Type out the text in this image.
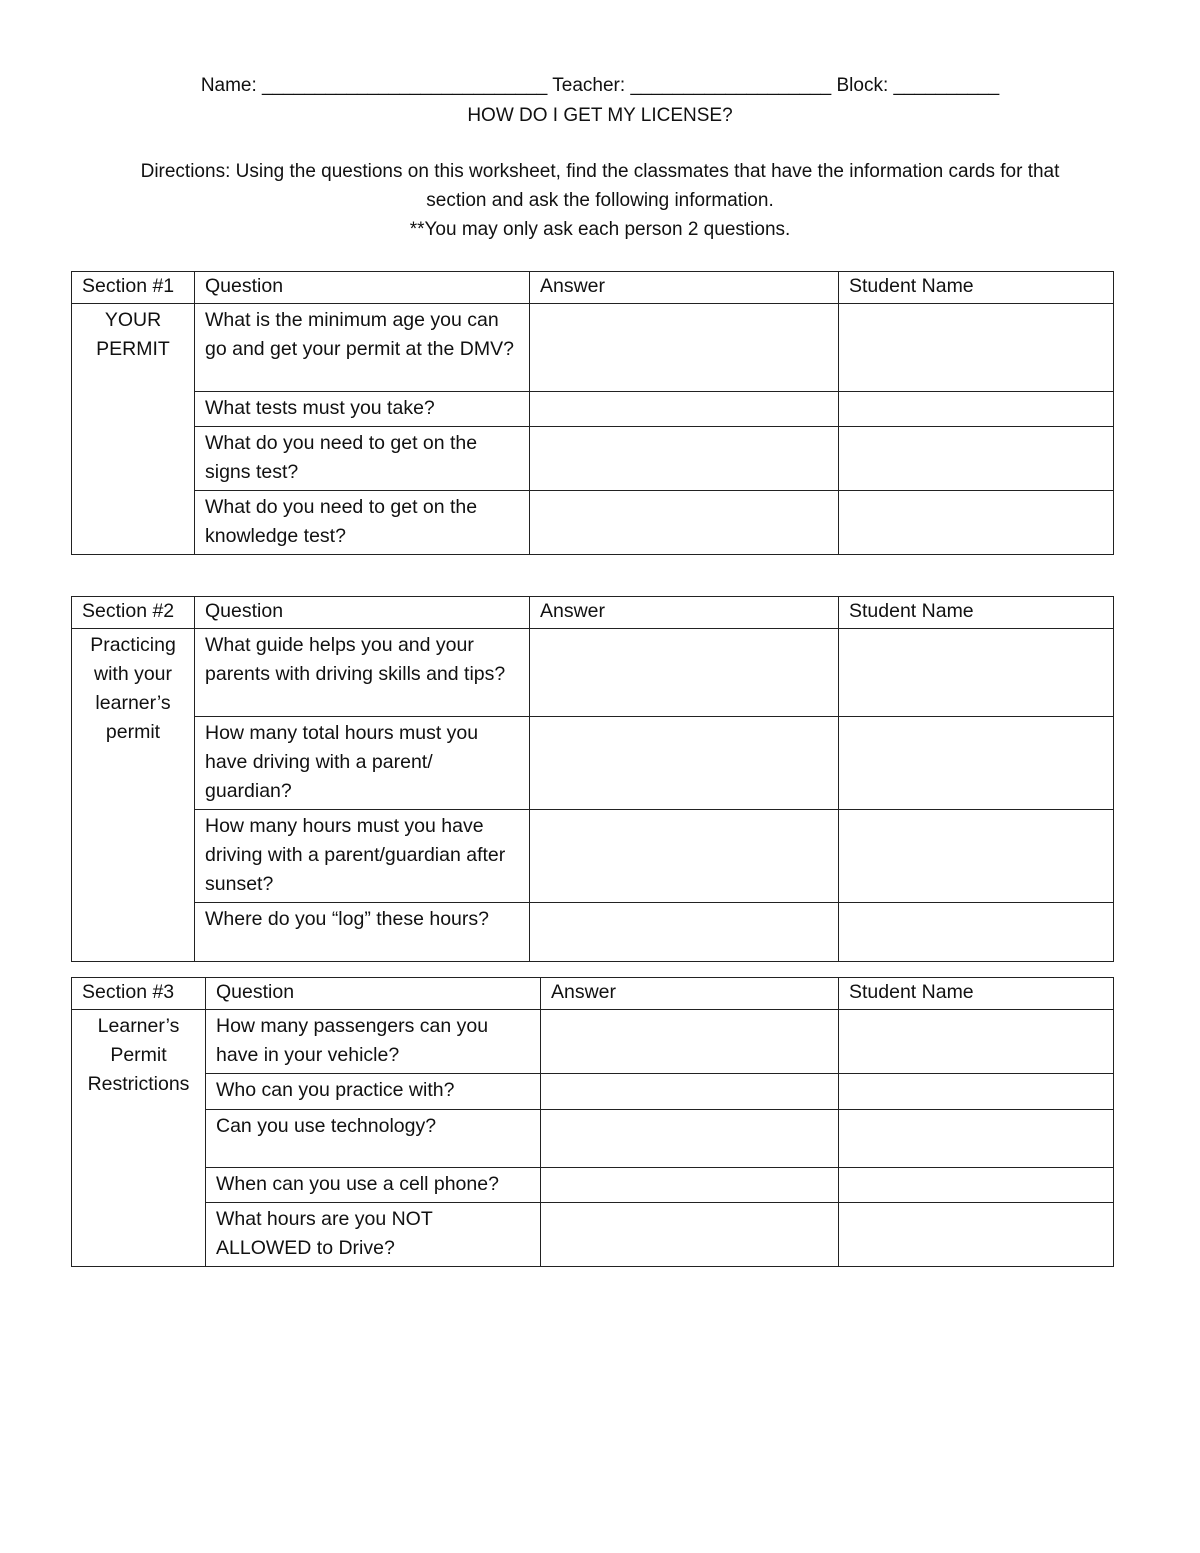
Name: ___________________________ Teacher: ___________________ Block: __________
HOW DO I GET MY LICENSE?
Directions: Using the questions on this worksheet, find the classmates that have the information cards for that
section and ask the following information.
**You may only ask each person 2 questions.
Section #1	Question	Answer	Student Name
YOUR PERMIT	What is the minimum age you can go and get your permit at the DMV?		
	What tests must you take?		
	What do you need to get on the signs test?		
	What do you need to get on the knowledge test?		
Section #2	Question	Answer	Student Name
Practicing with your learner’s permit	What guide helps you and your parents with driving skills and tips?		
	How many total hours must you have driving with a parent/ guardian?		
	How many hours must you have driving with a parent/guardian after sunset?		
	Where do you “log” these hours?		
Section #3	Question	Answer	Student Name
Learner’s Permit Restrictions	How many passengers can you have in your vehicle?		
	Who can you practice with?		
	Can you use technology?		
	When can you use a cell phone?		
	What hours are you NOT ALLOWED to Drive?		
